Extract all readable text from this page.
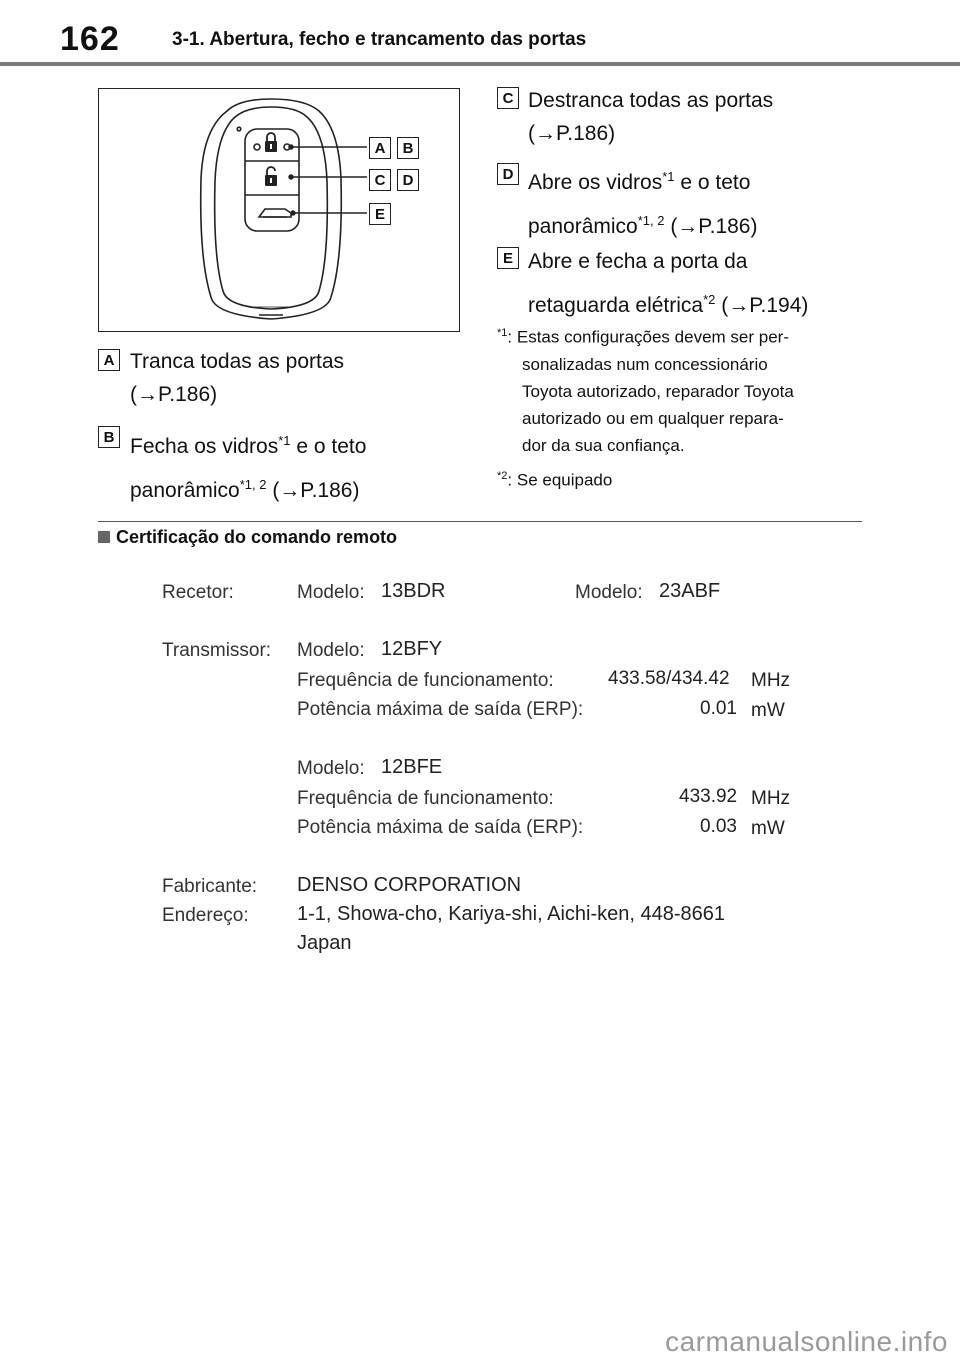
162	3-1. Abertura, fecho e trancamento das portas
A	B
C	D
E
A Tranca todas as portas
(→P.186)
B Fecha os vidros$^{*1}$ e o teto
panorâmico$^{*1, 2}$ (→P.186)
C Destranca todas as portas
(→P.186)
D Abre os vidros$^{*1}$ e o teto
panorâmico$^{*1, 2}$ (→P.186)
E Abre e fecha a porta da
retaguarda elétrica$^{*2}$ (→P.194)
$^{*1}$: Estas configurações devem ser per-
sonalizadas num concessionário
Toyota autorizado, reparador Toyota
autorizado ou em qualquer repara-
dor da sua confiança.
$^{*2}$: Se equipado
Certificação do comando remoto
Recetor:	Modelo: 13BDR	Modelo: 23ABF
Transmissor: Modelo: 12BFY
Frequência de funcionamento:	433.58/434.42 MHz
Potência máxima de saída (ERP):	0.01 mW
Modelo: 12BFE
Frequência de funcionamento:	433.92 MHz
Potência máxima de saída (ERP):	0.03 mW
Fabricante: DENSO CORPORATION
Endereço: 1-1, Showa-cho, Kariya-shi, Aichi-ken, 448-8661
Japan
carmanualsonline.info
